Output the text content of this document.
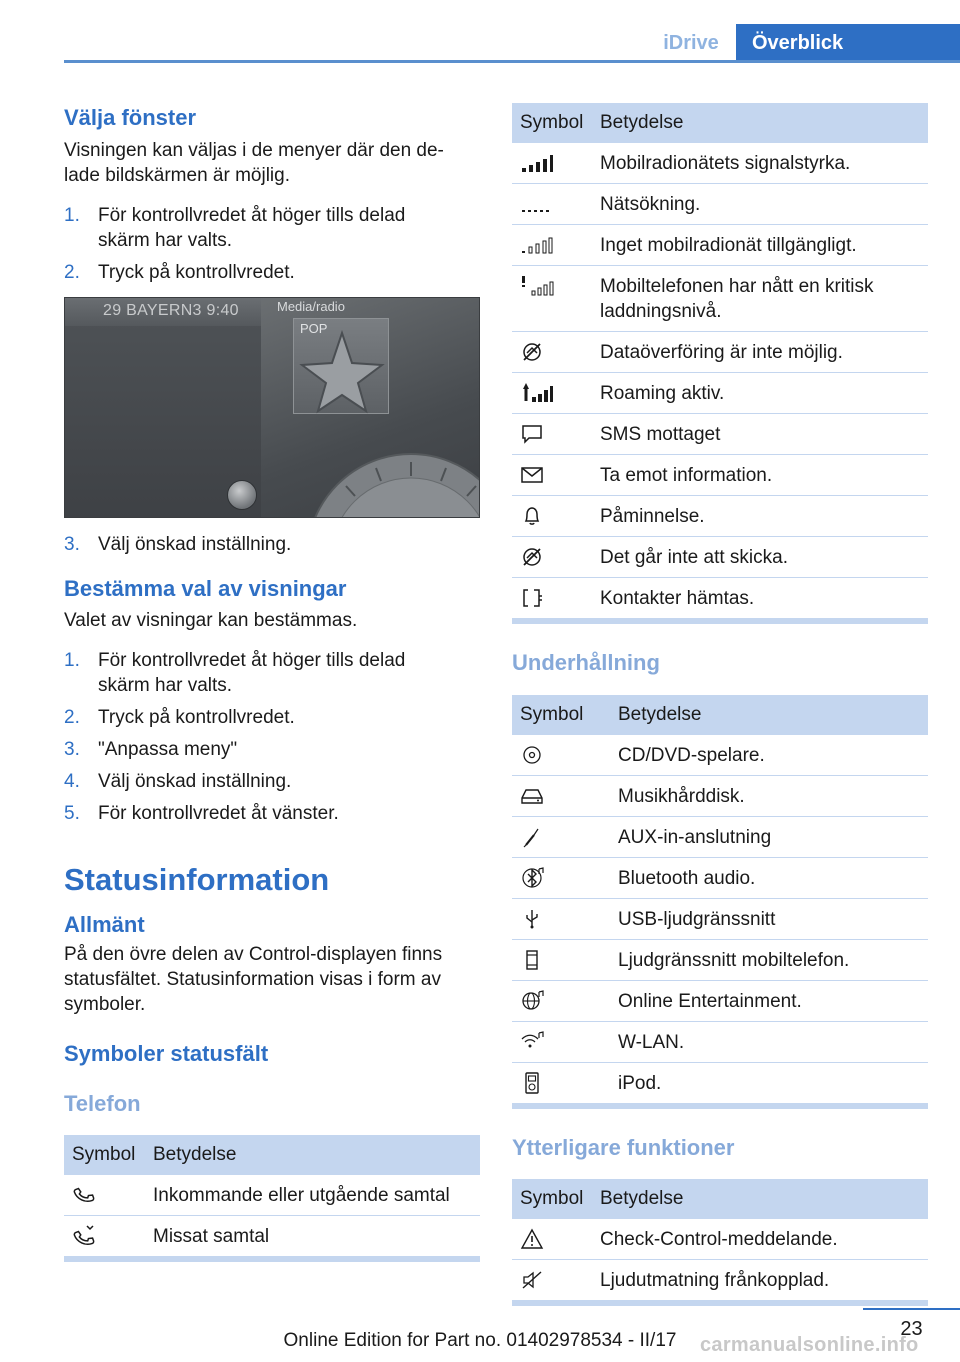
iDrive	Överblick
Välja fönster
Visningen kan väljas i de menyer där den de-lade bildskärmen är möjlig.
1. För kontrollvredet åt höger tills delad skärm har valts.
2. Tryck på kontrollvredet.
29 BAYERN3 9:40	Media/radio
POP
3. Välj önskad inställning.
Bestämma val av visningar
Valet av visningar kan bestämmas.
1. För kontrollvredet åt höger tills delad skärm har valts.
2. Tryck på kontrollvredet.
3. "Anpassa meny"
4. Välj önskad inställning.
5. För kontrollvredet åt vänster.
Statusinformation
Allmänt
På den övre delen av Control-displayen finns statusfältet. Statusinformation visas i form av symboler.
Symboler statusfält
Telefon
Symbol	Betydelse

	Inkommande eller utgående samtal

	Missat samtal
Symbol	Betydelse

	Mobilradionätets signalstyrka.

	Nätsökning.

	Inget mobilradionät tillgängligt.

	Mobiltelefonen har nått en kritisk laddningsnivå.

	Dataöverföring är inte möjlig.

	Roaming aktiv.

	SMS mottaget

	Ta emot information.

	Påminnelse.

	Det går inte att skicka.

	Kontakter hämtas.
Underhållning
Symbol	Betydelse

	CD/DVD-spelare.

	Musikhårddisk.

	AUX-in-anslutning

	Bluetooth audio.

	USB-ljudgränssnitt

	Ljudgränssnitt mobiltelefon.

	Online Entertainment.

	W-LAN.

	iPod.
Ytterligare funktioner
Symbol	Betydelse

	Check-Control-meddelande.

	Ljudutmatning frånkopplad.
23
Online Edition for Part no. 01402978534 - II/17	carmanualsonline.info
